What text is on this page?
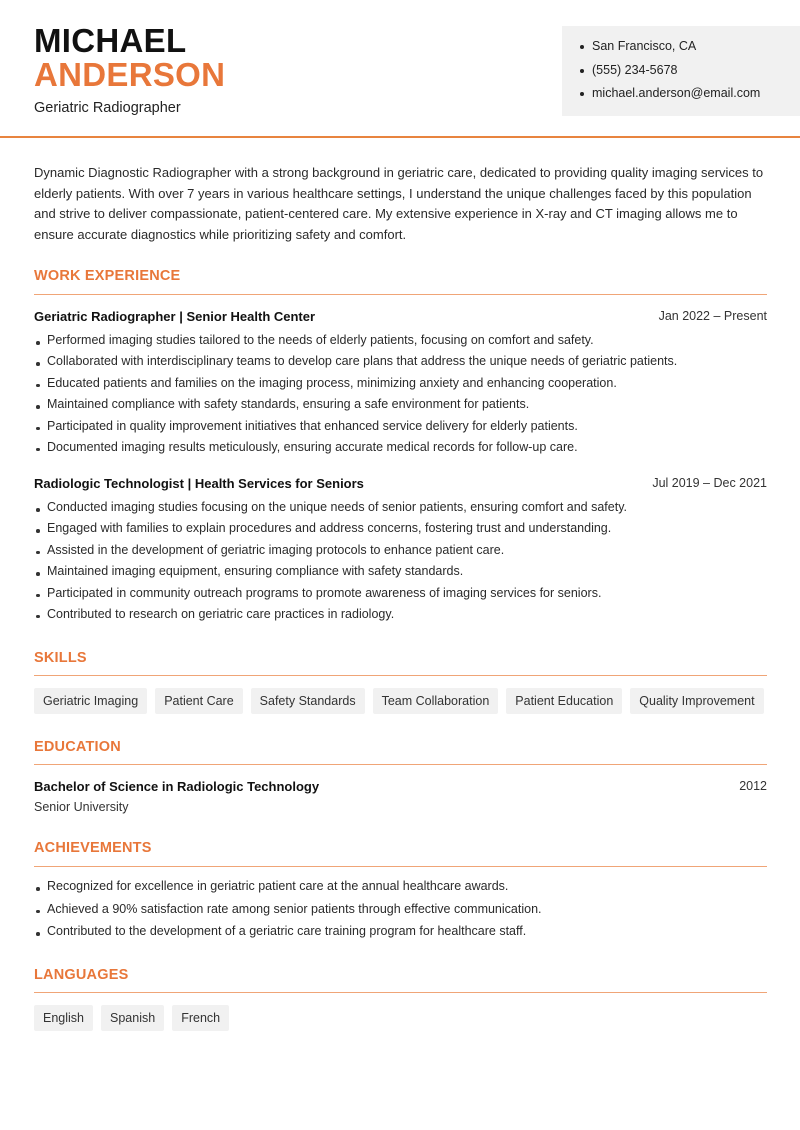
MICHAEL
ANDERSON
Geriatric Radiographer
San Francisco, CA
(555) 234-5678
michael.anderson@email.com

Dynamic Diagnostic Radiographer with a strong background in geriatric care, dedicated to providing quality imaging services to elderly patients. With over 7 years in various healthcare settings, I understand the unique challenges faced by this population and strive to deliver compassionate, patient-centered care. My extensive experience in X-ray and CT imaging allows me to ensure accurate diagnostics while prioritizing safety and comfort.

WORK EXPERIENCE
Geriatric Radiographer | Senior Health Center	Jan 2022 – Present
Performed imaging studies tailored to the needs of elderly patients, focusing on comfort and safety.
Collaborated with interdisciplinary teams to develop care plans that address the unique needs of geriatric patients.
Educated patients and families on the imaging process, minimizing anxiety and enhancing cooperation.
Maintained compliance with safety standards, ensuring a safe environment for patients.
Participated in quality improvement initiatives that enhanced service delivery for elderly patients.
Documented imaging results meticulously, ensuring accurate medical records for follow-up care.
Radiologic Technologist | Health Services for Seniors	Jul 2019 – Dec 2021
Conducted imaging studies focusing on the unique needs of senior patients, ensuring comfort and safety.
Engaged with families to explain procedures and address concerns, fostering trust and understanding.
Assisted in the development of geriatric imaging protocols to enhance patient care.
Maintained imaging equipment, ensuring compliance with safety standards.
Participated in community outreach programs to promote awareness of imaging services for seniors.
Contributed to research on geriatric care practices in radiology.
SKILLS
Geriatric Imaging	Patient Care	Safety Standards	Team Collaboration	Patient Education	Quality Improvement
EDUCATION
Bachelor of Science in Radiologic Technology	2012
Senior University
ACHIEVEMENTS
Recognized for excellence in geriatric patient care at the annual healthcare awards.
Achieved a 90% satisfaction rate among senior patients through effective communication.
Contributed to the development of a geriatric care training program for healthcare staff.
LANGUAGES
English	Spanish	French
